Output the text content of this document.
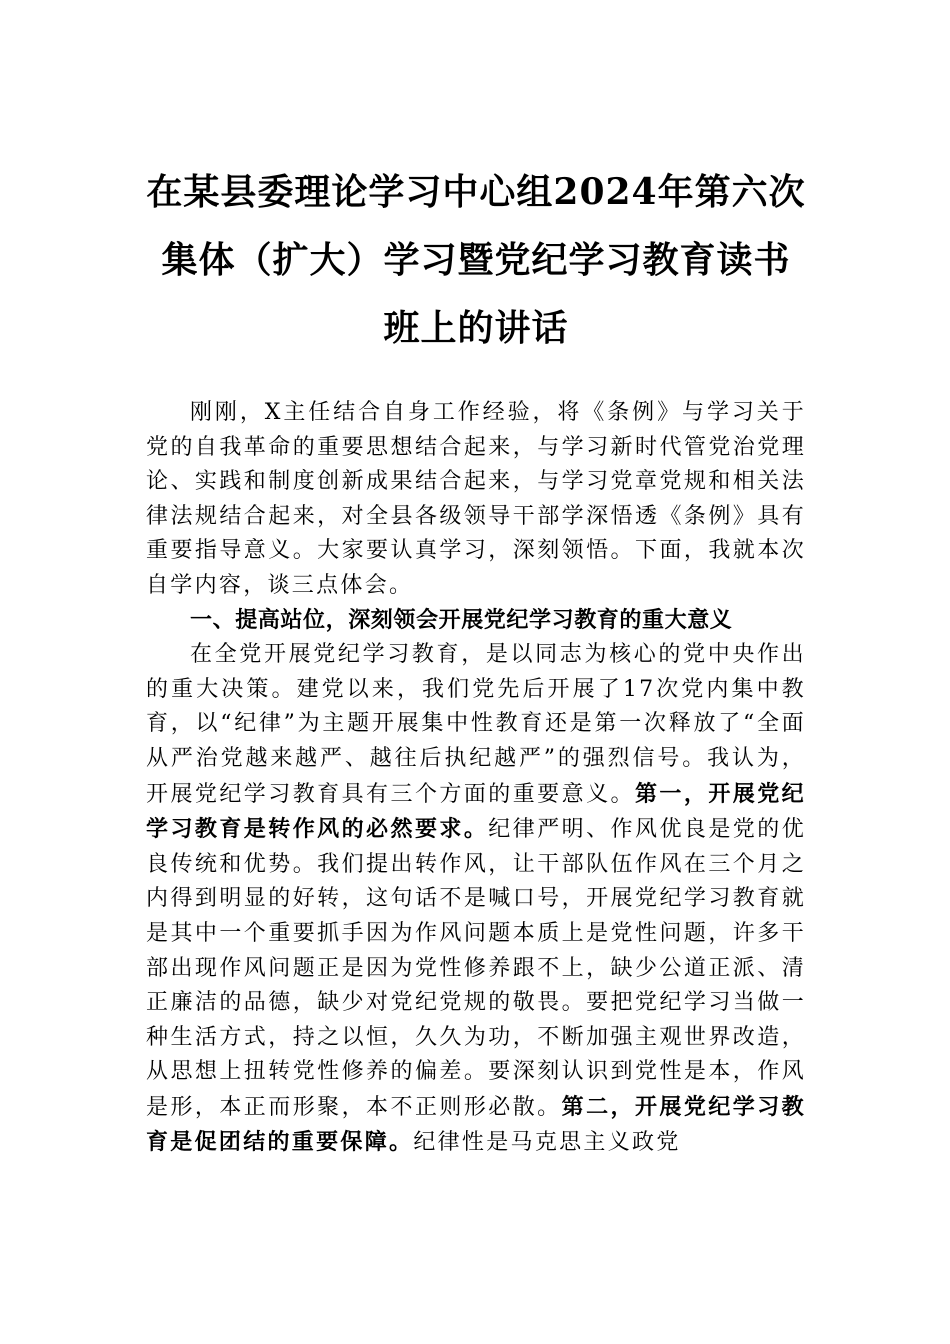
在某县委理论学习中心组2024年第六次集体（扩大）学习暨党纪学习教育读书班上的讲话

刚刚，X主任结合自身工作经验，将《条例》与学习关于党的自我革命的重要思想结合起来，与学习新时代管党治党理论、实践和制度创新成果结合起来，与学习党章党规和相关法律法规结合起来，对全县各级领导干部学深悟透《条例》具有重要指导意义。大家要认真学习，深刻领悟。下面，我就本次自学内容，谈三点体会。

一、提高站位，深刻领会开展党纪学习教育的重大意义

在全党开展党纪学习教育，是以同志为核心的党中央作出的重大决策。建党以来，我们党先后开展了17次党内集中教育，以“纪律”为主题开展集中性教育还是第一次释放了“全面从严治党越来越严、越往后执纪越严”的强烈信号。我认为，开展党纪学习教育具有三个方面的重要意义。第一，开展党纪学习教育是转作风的必然要求。纪律严明、作风优良是党的优良传统和优势。我们提出转作风，让干部队伍作风在三个月之内得到明显的好转，这句话不是喊口号，开展党纪学习教育就是其中一个重要抓手因为作风问题本质上是党性问题，许多干部出现作风问题正是因为党性修养跟不上，缺少公道正派、清正廉洁的品德，缺少对党纪党规的敬畏。要把党纪学习当做一种生活方式，持之以恒，久久为功，不断加强主观世界改造，从思想上扭转党性修养的偏差。要深刻认识到党性是本，作风是形，本正而形聚，本不正则形必散。第二，开展党纪学习教育是促团结的重要保障。纪律性是马克思主义政党
